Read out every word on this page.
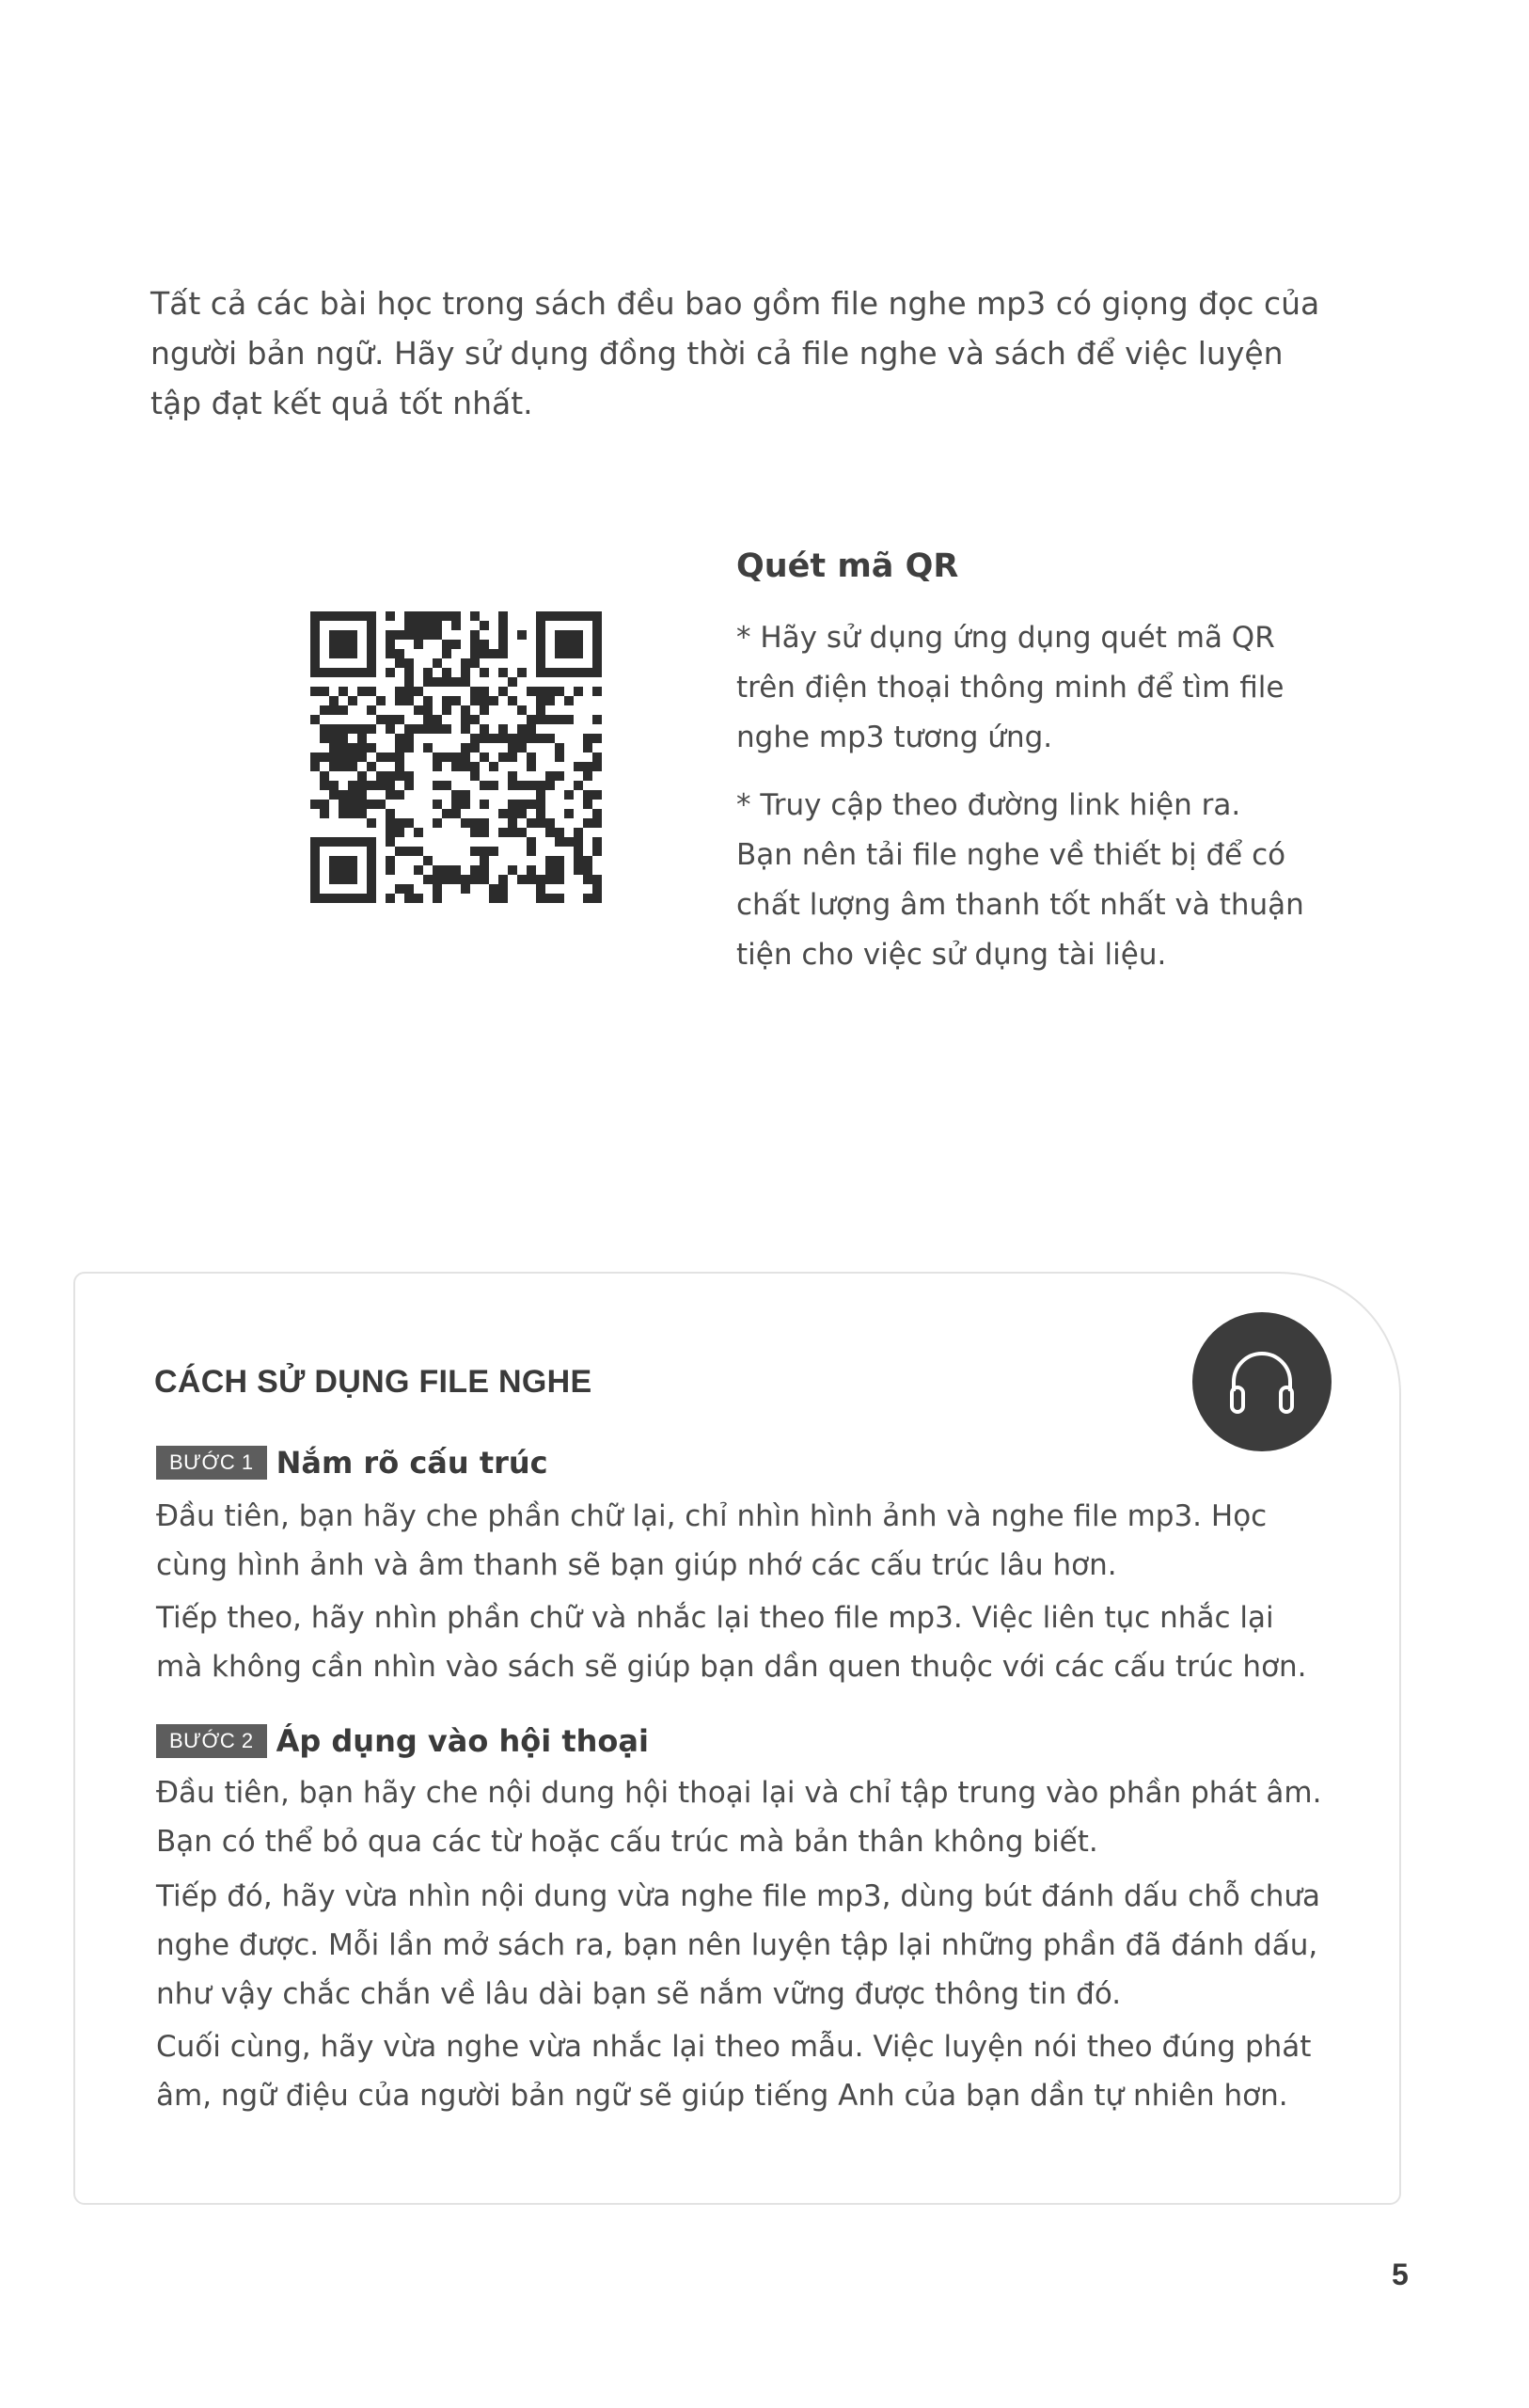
Tất cả các bài học trong sách đều bao gồm file nghe mp3 có giọng đọc của người bản ngữ. Hãy sử dụng đồng thời cả file nghe và sách để việc luyện tập đạt kết quả tốt nhất.

Quét mã QR

* Hãy sử dụng ứng dụng quét mã QR trên điện thoại thông minh để tìm file nghe mp3 tương ứng.

* Truy cập theo đường link hiện ra. Bạn nên tải file nghe về thiết bị để có chất lượng âm thanh tốt nhất và thuận tiện cho việc sử dụng tài liệu.

CÁCH SỬ DỤNG FILE NGHE
BƯỚC 1 Nắm rõ cấu trúc

Đầu tiên, bạn hãy che phần chữ lại, chỉ nhìn hình ảnh và nghe file mp3. Học cùng hình ảnh và âm thanh sẽ bạn giúp nhớ các cấu trúc lâu hơn.

Tiếp theo, hãy nhìn phần chữ và nhắc lại theo file mp3. Việc liên tục nhắc lại mà không cần nhìn vào sách sẽ giúp bạn dần quen thuộc với các cấu trúc hơn.

BƯỚC 2 Áp dụng vào hội thoại

Đầu tiên, bạn hãy che nội dung hội thoại lại và chỉ tập trung vào phần phát âm. Bạn có thể bỏ qua các từ hoặc cấu trúc mà bản thân không biết.

Tiếp đó, hãy vừa nhìn nội dung vừa nghe file mp3, dùng bút đánh dấu chỗ chưa nghe được. Mỗi lần mở sách ra, bạn nên luyện tập lại những phần đã đánh dấu, như vậy chắc chắn về lâu dài bạn sẽ nắm vững được thông tin đó.

Cuối cùng, hãy vừa nghe vừa nhắc lại theo mẫu. Việc luyện nói theo đúng phát âm, ngữ điệu của người bản ngữ sẽ giúp tiếng Anh của bạn dần tự nhiên hơn.

5
